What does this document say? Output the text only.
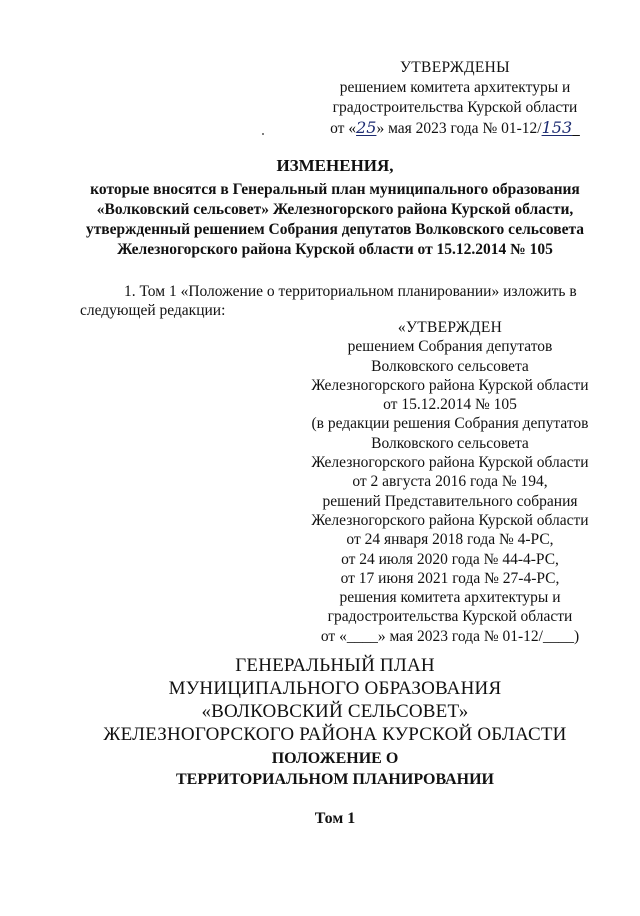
УТВЕРЖДЕНЫ
решением комитета архитектуры и
градостроительства Курской области
от «25» мая 2023 года № 01-12/153
ИЗМЕНЕНИЯ,
которые вносятся в Генеральный план муниципального образования
«Волковский сельсовет» Железногорского района Курской области,
утвержденный решением Собрания депутатов Волковского сельсовета
Железногорского района Курской области от 15.12.2014 № 105
1. Том 1 «Положение о территориальном планировании» изложить в
следующей редакции:
«УТВЕРЖДЕН
решением Собрания депутатов
Волковского сельсовета
Железногорского района Курской области
от 15.12.2014 № 105
(в редакции решения Собрания депутатов
Волковского сельсовета
Железногорского района Курской области
от 2 августа 2016 года № 194,
решений Представительного собрания
Железногорского района Курской области
от 24 января 2018 года № 4-РС,
от 24 июля 2020 года № 44-4-РС,
от 17 июня 2021 года № 27-4-РС,
решения комитета архитектуры и
градостроительства Курской области
от «____» мая 2023 года № 01-12/____)
ГЕНЕРАЛЬНЫЙ ПЛАН
МУНИЦИПАЛЬНОГО ОБРАЗОВАНИЯ
«ВОЛКОВСКИЙ СЕЛЬСОВЕТ»
ЖЕЛЕЗНОГОРСКОГО РАЙОНА КУРСКОЙ ОБЛАСТИ
ПОЛОЖЕНИЕ О
ТЕРРИТОРИАЛЬНОМ ПЛАНИРОВАНИИ
Том 1
